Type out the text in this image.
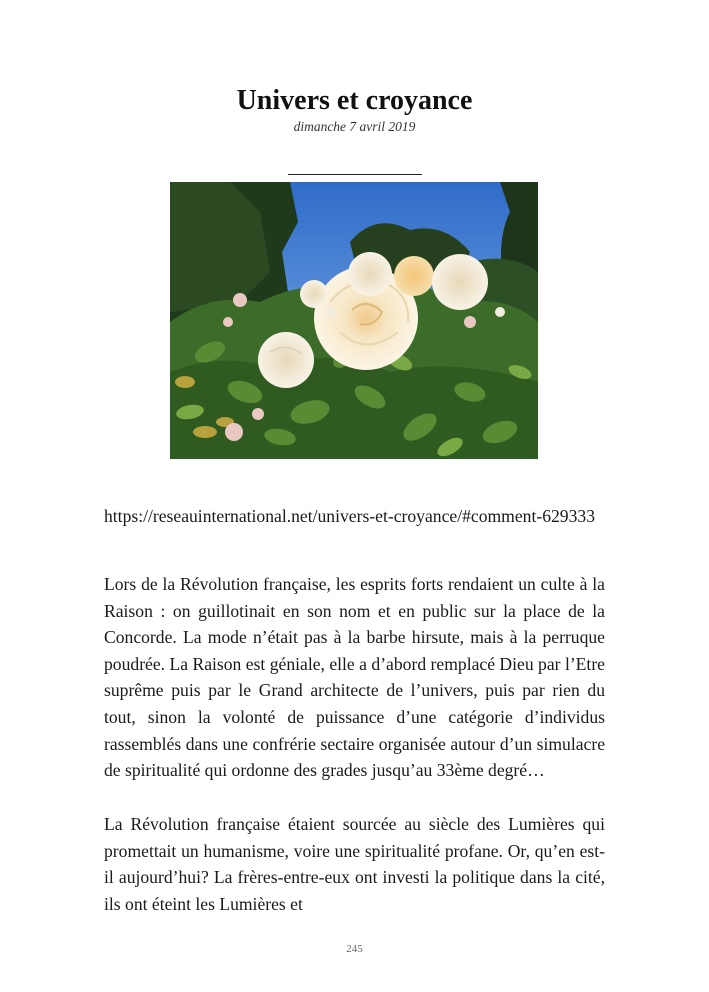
Univers et croyance
dimanche 7 avril 2019
https://reseauinternational.net/univers-et-croyance/#comment-629333

Lors de la Révolution française, les esprits forts rendaient un culte à la Raison : on guillotinait en son nom et en public sur la place de la Concorde. La mode n’était pas à la barbe hirsute, mais à la perruque poudrée. La Raison est géniale, elle a d’abord remplacé Dieu par l’Etre suprême puis par le Grand architecte de l’univers, puis par rien du tout, sinon la volonté de puissance d’une catégorie d’individus rassemblés dans une confrérie sectaire organisée autour d’un simulacre de spiritualité qui ordonne des grades jusqu’au 33ème degré…

La Révolution française étaient sourcée au siècle des Lumières qui promettait un humanisme, voire une spiritualité profane. Or, qu’en est-il aujourd’hui? La frères-entre-eux ont investi la politique dans la cité, ils ont éteint les Lumières et

245
